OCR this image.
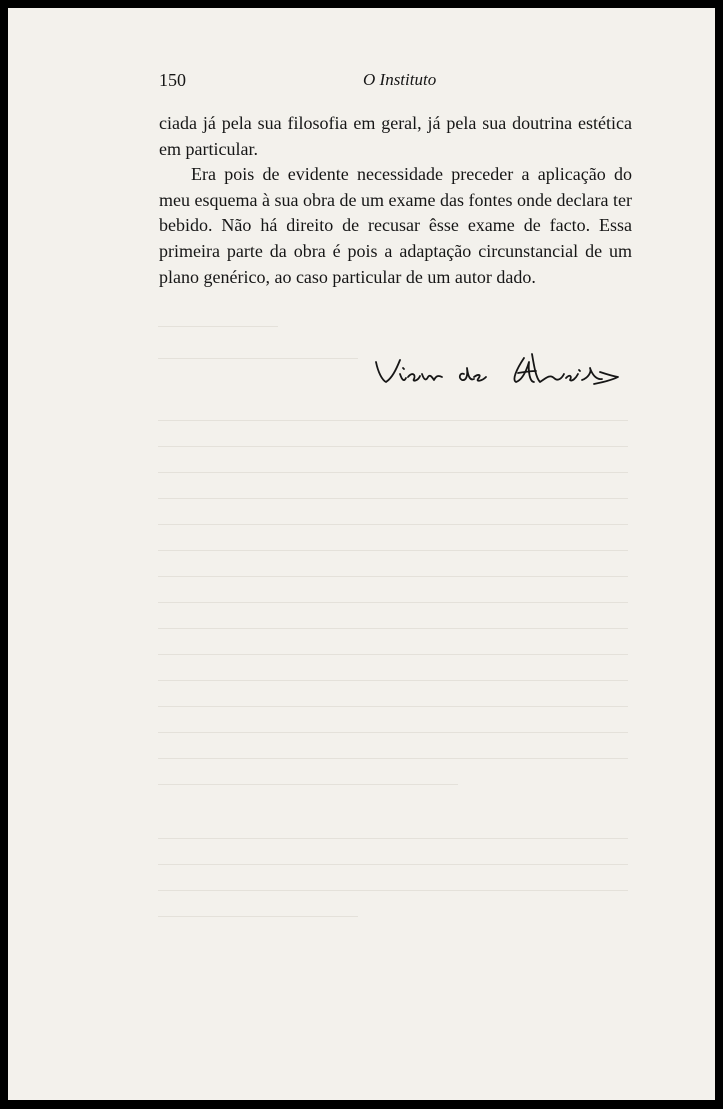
150	O Instituto

ciada já pela sua filosofia em geral, já pela sua doutrina estética em particular.

Era pois de evidente necessidade preceder a aplicação do meu esquema à sua obra de um exame das fontes onde declara ter bebido. Não há direito de recusar êsse exame de facto. Essa primeira parte da obra é pois a adaptação circunstancial de um plano genérico, ao caso particular de um autor dado.
